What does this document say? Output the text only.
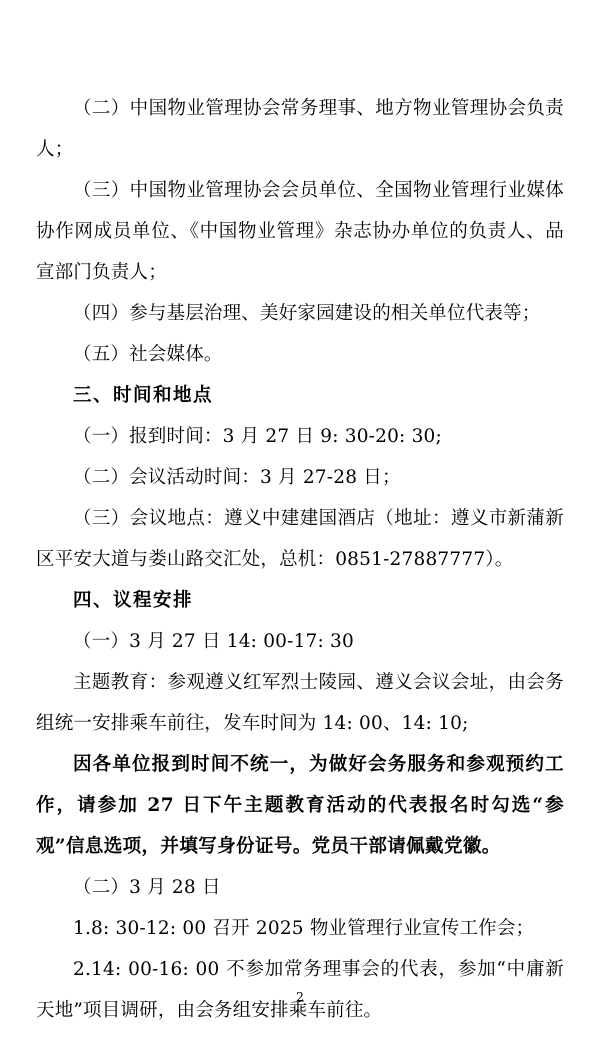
（二）中国物业管理协会常务理事、地方物业管理协会负责人；

（三）中国物业管理协会会员单位、全国物业管理行业媒体协作网成员单位、《中国物业管理》杂志协办单位的负责人、品宣部门负责人；

（四）参与基层治理、美好家园建设的相关单位代表等；

（五）社会媒体。

三、时间和地点

（一）报到时间：3 月 27 日 9: 30-20: 30;

（二）会议活动时间：3 月 27-28 日；

（三）会议地点：遵义中建建国酒店（地址：遵义市新蒲新区平安大道与娄山路交汇处，总机：0851-27887777）。

四、议程安排

（一）3 月 27 日 14: 00-17: 30

主题教育：参观遵义红军烈士陵园、遵义会议会址，由会务组统一安排乘车前往，发车时间为 14: 00、14: 10;

因各单位报到时间不统一，为做好会务服务和参观预约工作，请参加 27 日下午主题教育活动的代表报名时勾选“参观”信息选项，并填写身份证号。党员干部请佩戴党徽。

（二）3 月 28 日

1.8: 30-12: 00 召开 2025 物业管理行业宣传工作会；

2.14: 00-16: 00 不参加常务理事会的代表，参加“中庸新天地”项目调研，由会务组安排乘车前往。

2
